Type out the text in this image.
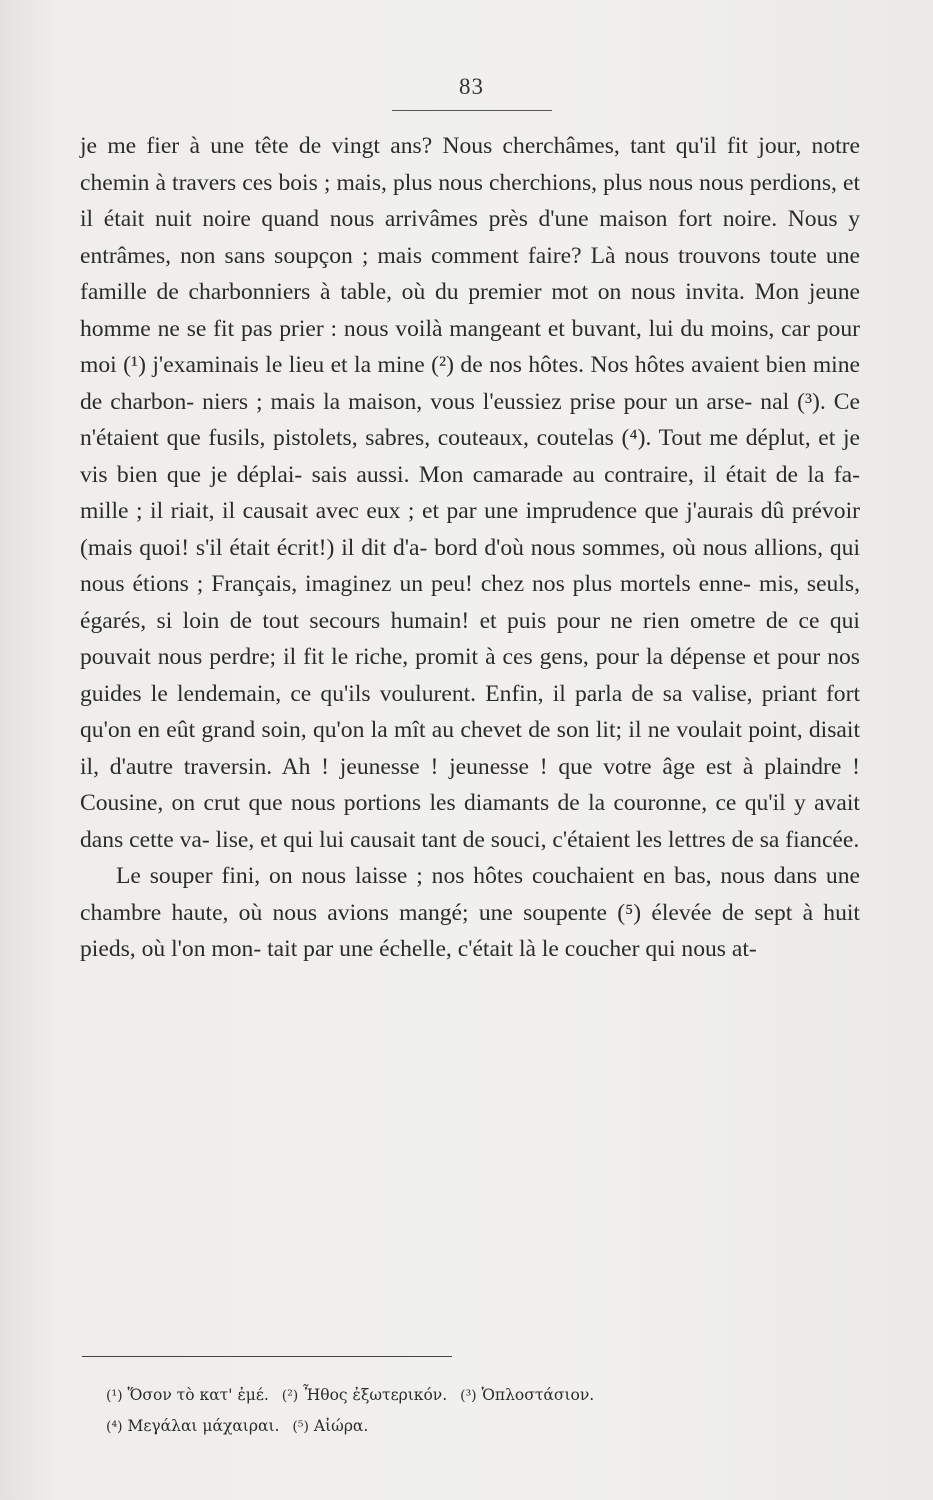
83

je me fier à une tête de vingt ans? Nous cherchâmes, tant qu'il fit jour, notre chemin à travers ces bois ; mais, plus nous cherchions, plus nous nous perdions, et il était nuit noire quand nous arrivâmes près d'une maison fort noire. Nous y entrâmes, non sans soupçon ; mais comment faire? Là nous trouvons toute une famille de charbonniers à table, où du premier mot on nous invita. Mon jeune homme ne se fit pas prier : nous voilà mangeant et buvant, lui du moins, car pour moi (¹) j'examinais le lieu et la mine (²) de nos hôtes. Nos hôtes avaient bien mine de charbon- niers ; mais la maison, vous l'eussiez prise pour un arse- nal (³). Ce n'étaient que fusils, pistolets, sabres, couteaux, coutelas (⁴). Tout me déplut, et je vis bien que je déplai- sais aussi. Mon camarade au contraire, il était de la fa- mille ; il riait, il causait avec eux ; et par une imprudence que j'aurais dû prévoir (mais quoi! s'il était écrit!) il dit d'a- bord d'où nous sommes, où nous allions, qui nous étions ; Français, imaginez un peu! chez nos plus mortels enne- mis, seuls, égarés, si loin de tout secours humain! et puis pour ne rien ometre de ce qui pouvait nous perdre; il fit le riche, promit à ces gens, pour la dépense et pour nos guides le lendemain, ce qu'ils voulurent. Enfin, il parla de sa valise, priant fort qu'on en eût grand soin, qu'on la mît au chevet de son lit; il ne voulait point, disait il, d'autre traversin. Ah ! jeunesse ! jeunesse ! que votre âge est à plaindre ! Cousine, on crut que nous portions les diamants de la couronne, ce qu'il y avait dans cette va- lise, et qui lui causait tant de souci, c'étaient les lettres de sa fiancée.

Le souper fini, on nous laisse ; nos hôtes couchaient en bas, nous dans une chambre haute, où nous avions mangé; une soupente (⁵) élevée de sept à huit pieds, où l'on mon- tait par une échelle, c'était là le coucher qui nous at-

(¹) Ὅσον τὸ κατ' ἐμέ. (²) Ἦθος ἐξωτερικόν. (³) Ὁπλοστάσιον.
(⁴) Μεγάλαι μάχαιραι. (⁵) Αἰώρα.
